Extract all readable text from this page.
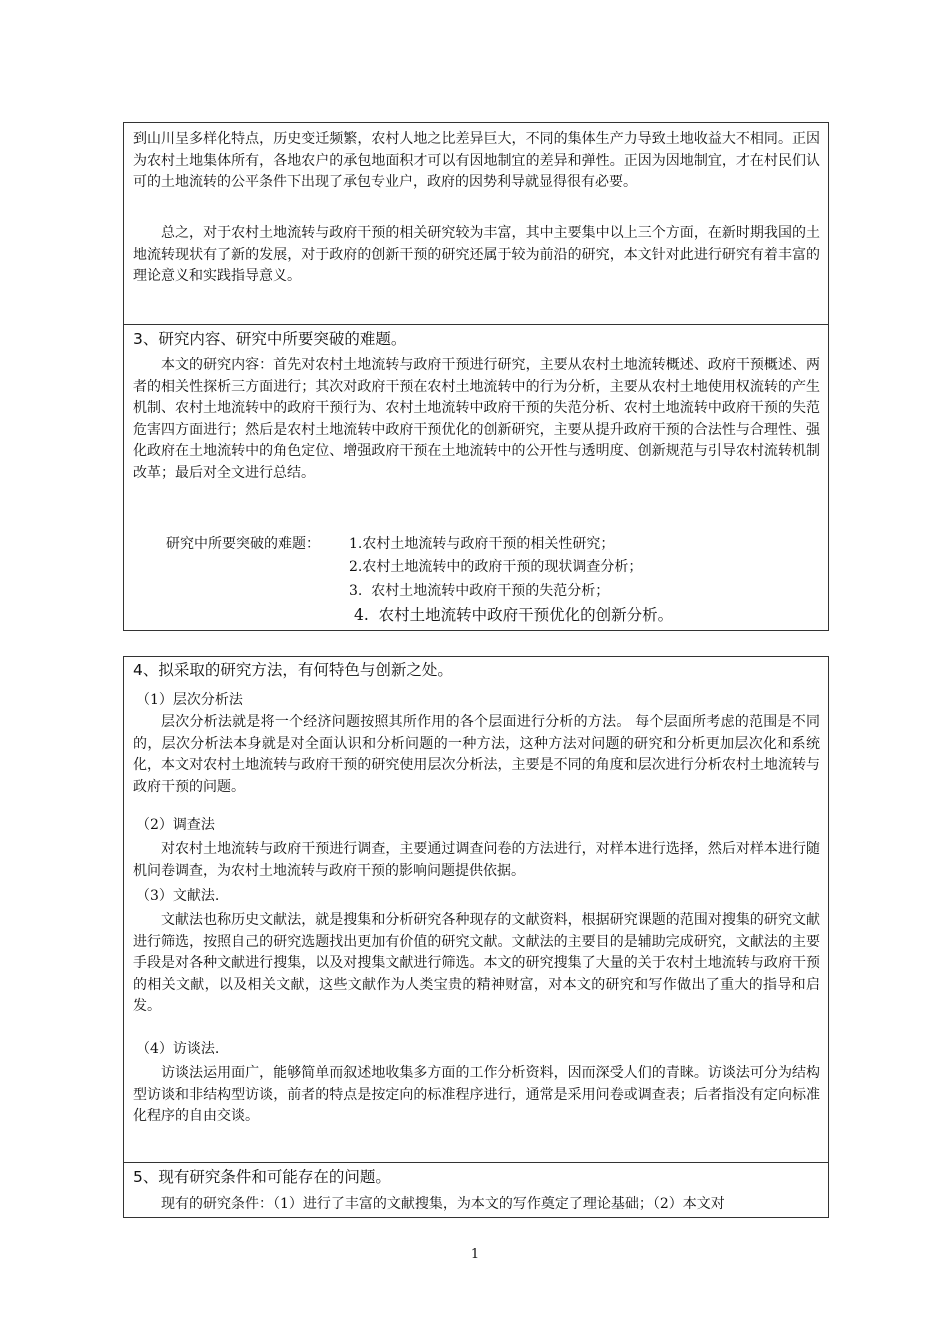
到山川呈多样化特点，历史变迁频繁，农村人地之比差异巨大，不同的集体生产力导致土地收益大不相同。正因为农村土地集体所有，各地农户的承包地面积才可以有因地制宜的差异和弹性。正因为因地制宜，才在村民们认可的土地流转的公平条件下出现了承包专业户，政府的因势利导就显得很有必要。

总之，对于农村土地流转与政府干预的相关研究较为丰富，其中主要集中以上三个方面，在新时期我国的土地流转现状有了新的发展，对于政府的创新干预的研究还属于较为前沿的研究，本文针对此进行研究有着丰富的理论意义和实践指导意义。

3、研究内容、研究中所要突破的难题。

本文的研究内容：首先对农村土地流转与政府干预进行研究，主要从农村土地流转概述、政府干预概述、两者的相关性探析三方面进行；其次对政府干预在农村土地流转中的行为分析，主要从农村土地使用权流转的产生机制、农村土地流转中的政府干预行为、农村土地流转中政府干预的失范分析、农村土地流转中政府干预的失范危害四方面进行；然后是农村土地流转中政府干预优化的创新研究，主要从提升政府干预的合法性与合理性、强化政府在土地流转中的角色定位、增强政府干预在土地流转中的公开性与透明度、创新规范与引导农村流转机制改革；最后对全文进行总结。

研究中所要突破的难题： 1.农村土地流转与政府干预的相关性研究；
2.农村土地流转中的政府干预的现状调查分析；
3.  农村土地流转中政府干预的失范分析；
4.  农村土地流转中政府干预优化的创新分析。

4、拟采取的研究方法，有何特色与创新之处。

（1）层次分析法

层次分析法就是将一个经济问题按照其所作用的各个层面进行分析的方法。 每个层面所考虑的范围是不同的，层次分析法本身就是对全面认识和分析问题的一种方法，这种方法对问题的研究和分析更加层次化和系统化，本文对农村土地流转与政府干预的研究使用层次分析法，主要是不同的角度和层次进行分析农村土地流转与政府干预的问题。

（2）调查法

对农村土地流转与政府干预进行调查，主要通过调查问卷的方法进行，对样本进行选择，然后对样本进行随机问卷调查，为农村土地流转与政府干预的影响问题提供依据。

（3）文献法.

文献法也称历史文献法，就是搜集和分析研究各种现存的文献资料，根据研究课题的范围对搜集的研究文献进行筛选，按照自己的研究选题找出更加有价值的研究文献。文献法的主要目的是辅助完成研究，文献法的主要手段是对各种文献进行搜集，以及对搜集文献进行筛选。本文的研究搜集了大量的关于农村土地流转与政府干预的相关文献，以及相关文献，这些文献作为人类宝贵的精神财富，对本文的研究和写作做出了重大的指导和启发。

（4）访谈法.

访谈法运用面广，能够简单而叙述地收集多方面的工作分析资料，因而深受人们的青睐。访谈法可分为结构型访谈和非结构型访谈，前者的特点是按定向的标准程序进行，通常是采用问卷或调查表；后者指没有定向标准化程序的自由交谈。

5、现有研究条件和可能存在的问题。

现有的研究条件：（1）进行了丰富的文献搜集，为本文的写作奠定了理论基础；（2）本文对

1
